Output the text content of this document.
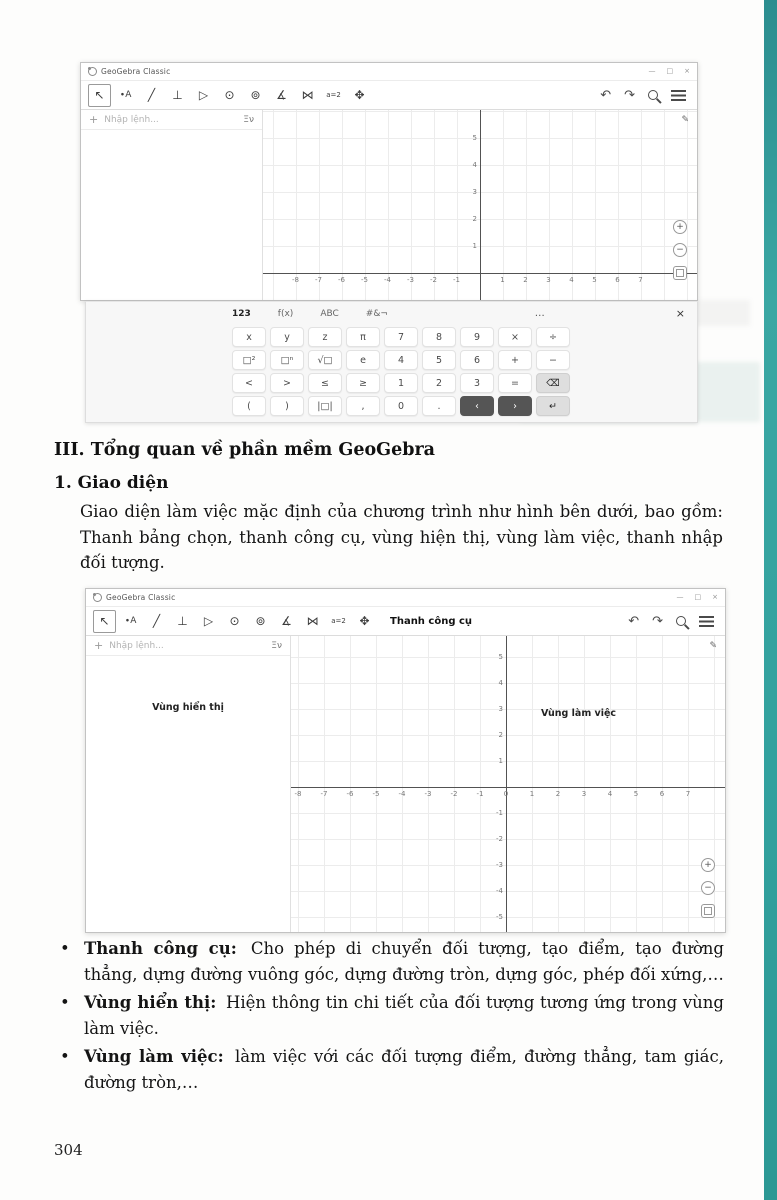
GeoGebra Classic	— □ ×
↖	∙A	╱	⊥	▷	⊙	⊚	∡	⋈	a=2	✥	↶ ↷
+ Nhập lệnh...	Ξν	✎
-8	-7	-6	-5	-4	-3	-2	-1	1	2	3	4	5	6	7
5
4
3
2
1
+
−
123	f(x)	ABC	#&¬	…	×
x	y	z	π	7	8	9	×	÷
□²	□ⁿ	√□	e	4	5	6	+	−
<	>	≤	≥	1	2	3	=	⌫
(	)	|□|	,	0	.	‹	›	↵
III. Tổng quan về phần mềm GeoGebra
1. Giao diện

Giao diện làm việc mặc định của chương trình như hình bên dưới, bao gồm: Thanh bảng chọn, thanh công cụ, vùng hiện thị, vùng làm việc, thanh nhập đối tượng.

GeoGebra Classic	— □ ×
↖	∙A	╱	⊥	▷	⊙	⊚	∡	⋈	a=2	✥	Thanh công cụ	↶ ↷
+ Nhập lệnh...	Ξν
Vùng hiển thị
✎
-8	-7	-6	-5	-4	-3	-2	-1	0	1	2	3	4	5	6	7
5
4
3
2
1
-1
-2
-3
-4
-5
Vùng làm việc
+
−
• Thanh công cụ: Cho phép di chuyển đối tượng, tạo điểm, tạo đường thẳng, dựng đường vuông góc, dựng đường tròn, dựng góc, phép đối xứng,…
• Vùng hiển thị: Hiện thông tin chi tiết của đối tượng tương ứng trong vùng làm việc.
• Vùng làm việc: làm việc với các đối tượng điểm, đường thẳng, tam giác, đường tròn,…
304
